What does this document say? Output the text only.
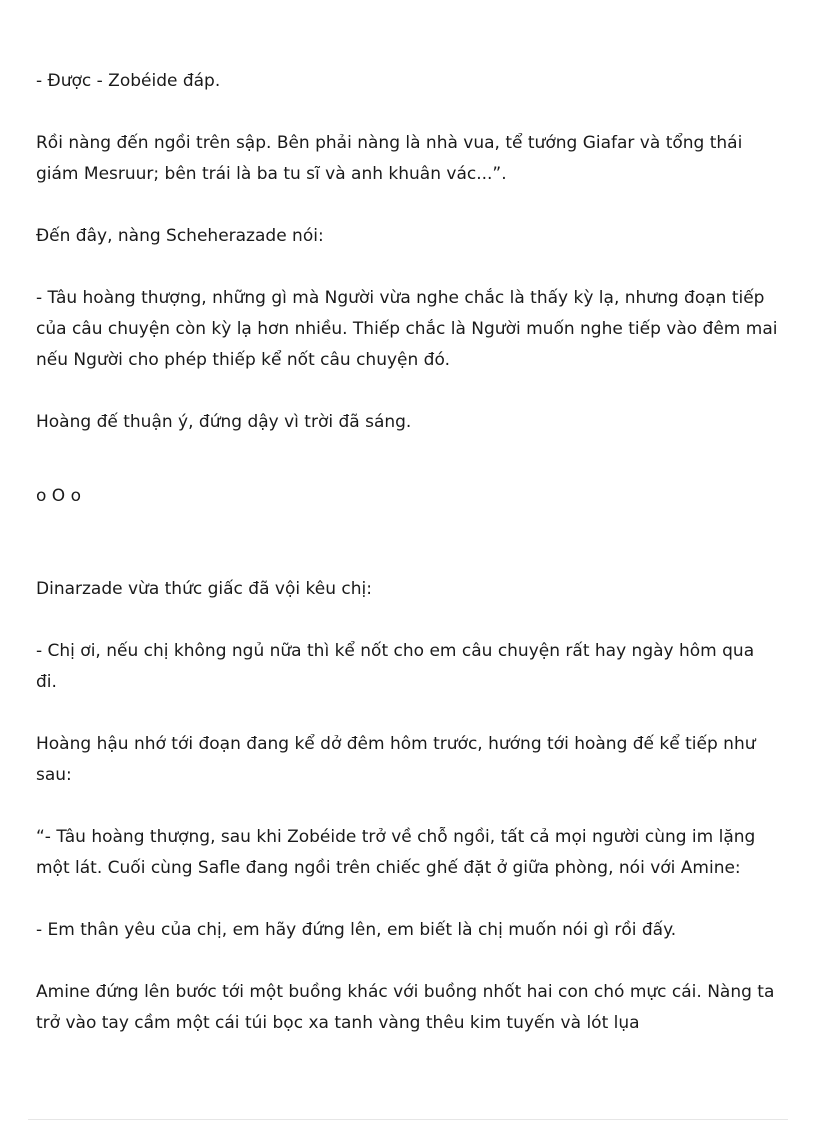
- Được - Zobéide đáp.

Rồi nàng đến ngồi trên sập. Bên phải nàng là nhà vua, tể tướng Giafar và tổng thái giám Mesruur; bên trái là ba tu sĩ và anh khuân vác...”.

Đến đây, nàng Scheherazade nói:

- Tâu hoàng thượng, những gì mà Người vừa nghe chắc là thấy kỳ lạ, nhưng đoạn tiếp của câu chuyện còn kỳ lạ hơn nhiều. Thiếp chắc là Người muốn nghe tiếp vào đêm mai nếu Người cho phép thiếp kể nốt câu chuyện đó.

Hoàng đế thuận ý, đứng dậy vì trời đã sáng.

o O o

Dinarzade vừa thức giấc đã vội kêu chị:

- Chị ơi, nếu chị không ngủ nữa thì kể nốt cho em câu chuyện rất hay ngày hôm qua đi.

Hoàng hậu nhớ tới đoạn đang kể dở đêm hôm trước, hướng tới hoàng đế kể tiếp như sau:

“- Tâu hoàng thượng, sau khi Zobéide trở về chỗ ngồi, tất cả mọi người cùng im lặng một lát. Cuối cùng Safle đang ngồi trên chiếc ghế đặt ở giữa phòng, nói với Amine:

- Em thân yêu của chị, em hãy đứng lên, em biết là chị muốn nói gì rồi đấy.

Amine đứng lên bước tới một buồng khác với buồng nhốt hai con chó mực cái. Nàng ta trở vào tay cầm một cái túi bọc xa tanh vàng thêu kim tuyến và lót lụa
